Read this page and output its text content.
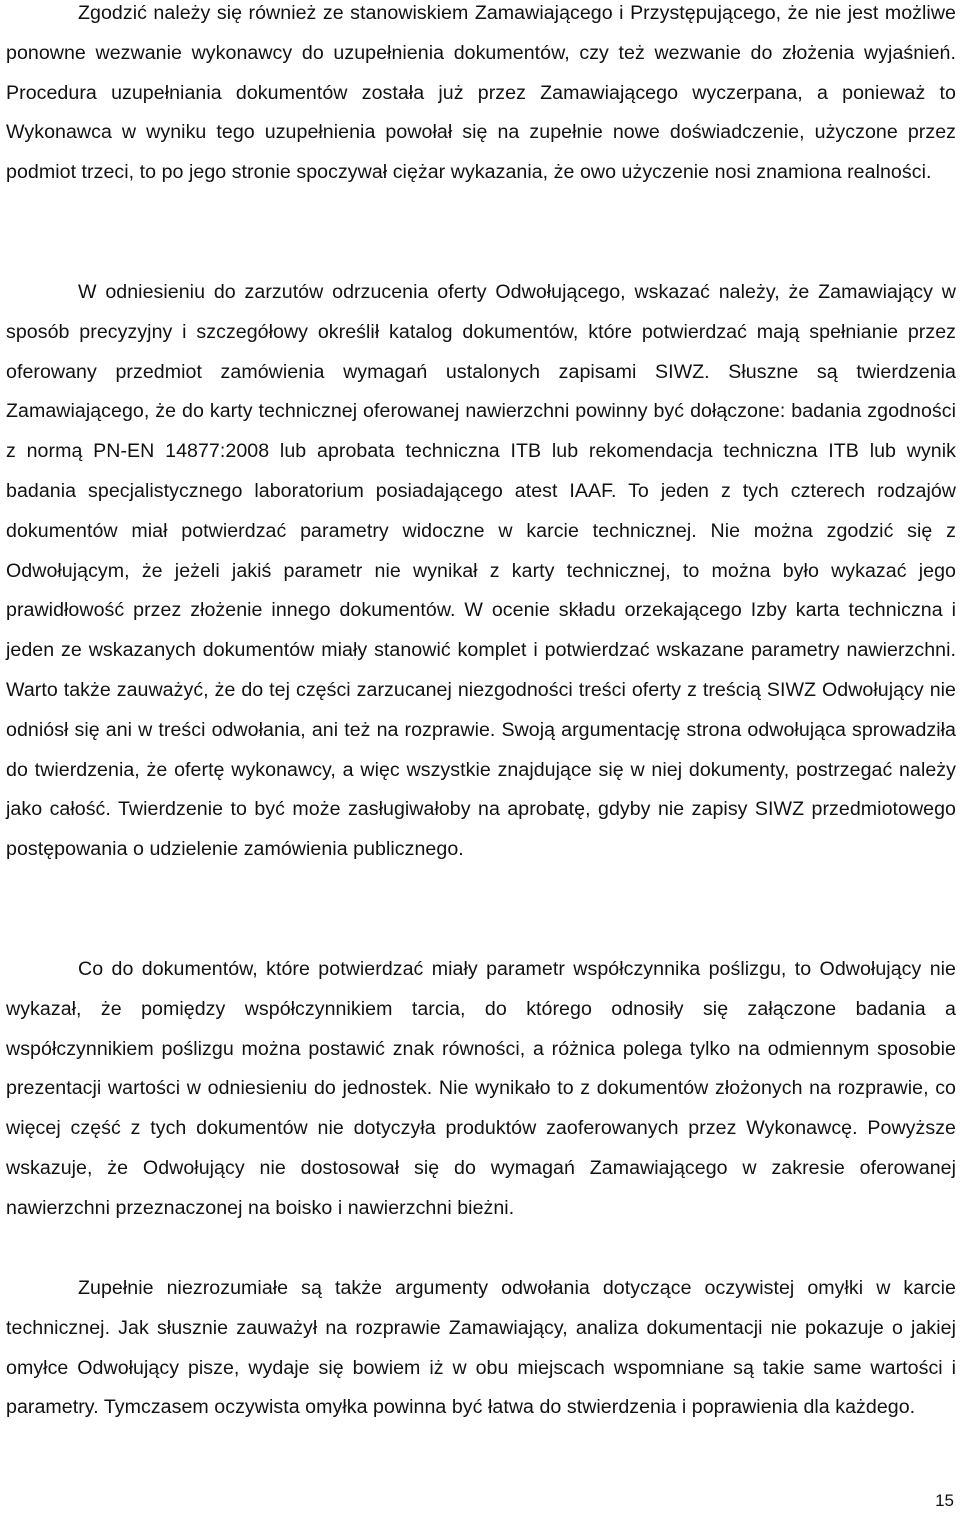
Zgodzić należy się również ze stanowiskiem Zamawiającego i Przystępującego, że nie jest możliwe ponowne wezwanie wykonawcy do uzupełnienia dokumentów, czy też wezwanie do złożenia wyjaśnień. Procedura uzupełniania dokumentów została już przez Zamawiającego wyczerpana, a ponieważ to Wykonawca w wyniku tego uzupełnienia powołał się na zupełnie nowe doświadczenie, użyczone przez podmiot trzeci, to po jego stronie spoczywał ciężar wykazania, że owo użyczenie nosi znamiona realności.

W odniesieniu do zarzutów odrzucenia oferty Odwołującego, wskazać należy, że Zamawiający w sposób precyzyjny i szczegółowy określił katalog dokumentów, które potwierdzać mają spełnianie przez oferowany przedmiot zamówienia wymagań ustalonych zapisami SIWZ. Słuszne są twierdzenia Zamawiającego, że do karty technicznej oferowanej nawierzchni powinny być dołączone: badania zgodności z normą PN-EN 14877:2008 lub aprobata techniczna ITB lub rekomendacja techniczna ITB lub wynik badania specjalistycznego laboratorium posiadającego atest IAAF. To jeden z tych czterech rodzajów dokumentów miał potwierdzać parametry widoczne w karcie technicznej. Nie można zgodzić się z Odwołującym, że jeżeli jakiś parametr nie wynikał z karty technicznej, to można było wykazać jego prawidłowość przez złożenie innego dokumentów. W ocenie składu orzekającego Izby karta techniczna i jeden ze wskazanych dokumentów miały stanowić komplet i potwierdzać wskazane parametry nawierzchni. Warto także zauważyć, że do tej części zarzucanej niezgodności treści oferty z treścią SIWZ Odwołujący nie odniósł się ani w treści odwołania, ani też na rozprawie. Swoją argumentację strona odwołująca sprowadziła do twierdzenia, że ofertę wykonawcy, a więc wszystkie znajdujące się w niej dokumenty, postrzegać należy jako całość. Twierdzenie to być może zasługiwałoby na aprobatę, gdyby nie zapisy SIWZ przedmiotowego postępowania o udzielenie zamówienia publicznego.

Co do dokumentów, które potwierdzać miały parametr współczynnika poślizgu, to Odwołujący nie wykazał, że pomiędzy współczynnikiem tarcia, do którego odnosiły się załączone badania a współczynnikiem poślizgu można postawić znak równości, a różnica polega tylko na odmiennym sposobie prezentacji wartości w odniesieniu do jednostek. Nie wynikało to z dokumentów złożonych na rozprawie, co więcej część z tych dokumentów nie dotyczyła produktów zaoferowanych przez Wykonawcę. Powyższe wskazuje, że Odwołujący nie dostosował się do wymagań Zamawiającego w zakresie oferowanej nawierzchni przeznaczonej na boisko i nawierzchni bieżni.

Zupełnie niezrozumiałe są także argumenty odwołania dotyczące oczywistej omyłki w karcie technicznej. Jak słusznie zauważył na rozprawie Zamawiający, analiza dokumentacji nie pokazuje o jakiej omyłce Odwołujący pisze, wydaje się bowiem iż w obu miejscach wspomniane są takie same wartości i parametry. Tymczasem oczywista omyłka powinna być łatwa do stwierdzenia i poprawienia dla każdego.

15
